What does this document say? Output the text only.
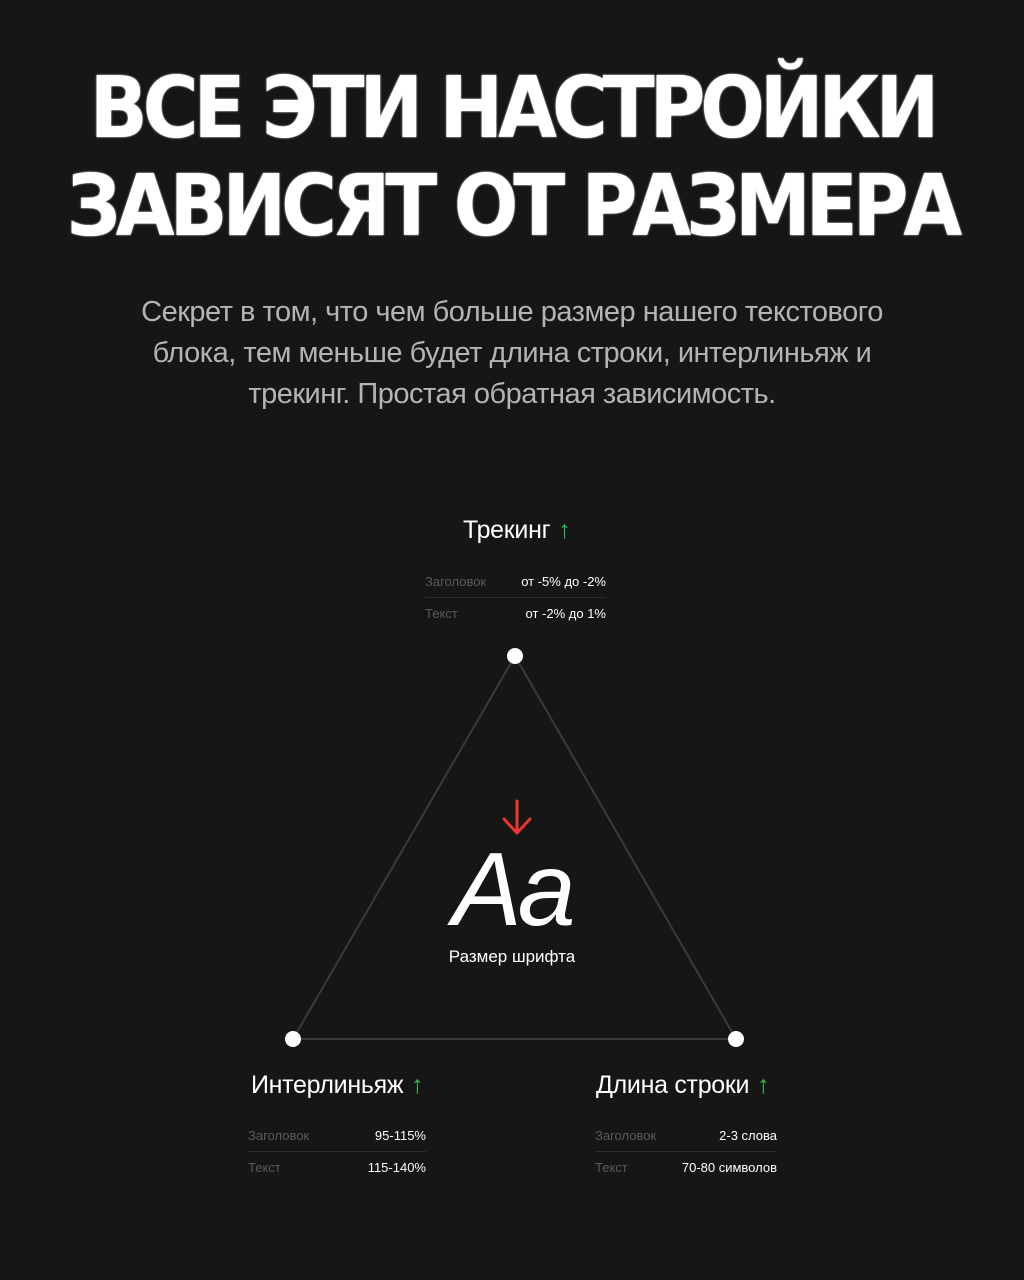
ВСЕ ЭТИ НАСТРОЙКИ
ЗАВИСЯТ ОТ РАЗМЕРА
Секрет в том, что чем больше размер нашего текстового блока, тем меньше будет длина строки, интерлиньяж и трекинг. Простая обратная зависимость.
Трекинг ↑
Заголовок	от -5% до -2%
Текст	от -2% до 1%
Aa
Размер шрифта
Интерлиньяж ↑
Заголовок	95-115%
Текст	115-140%
Длина строки ↑
Заголовок	2-3 слова
Текст	70-80 символов
